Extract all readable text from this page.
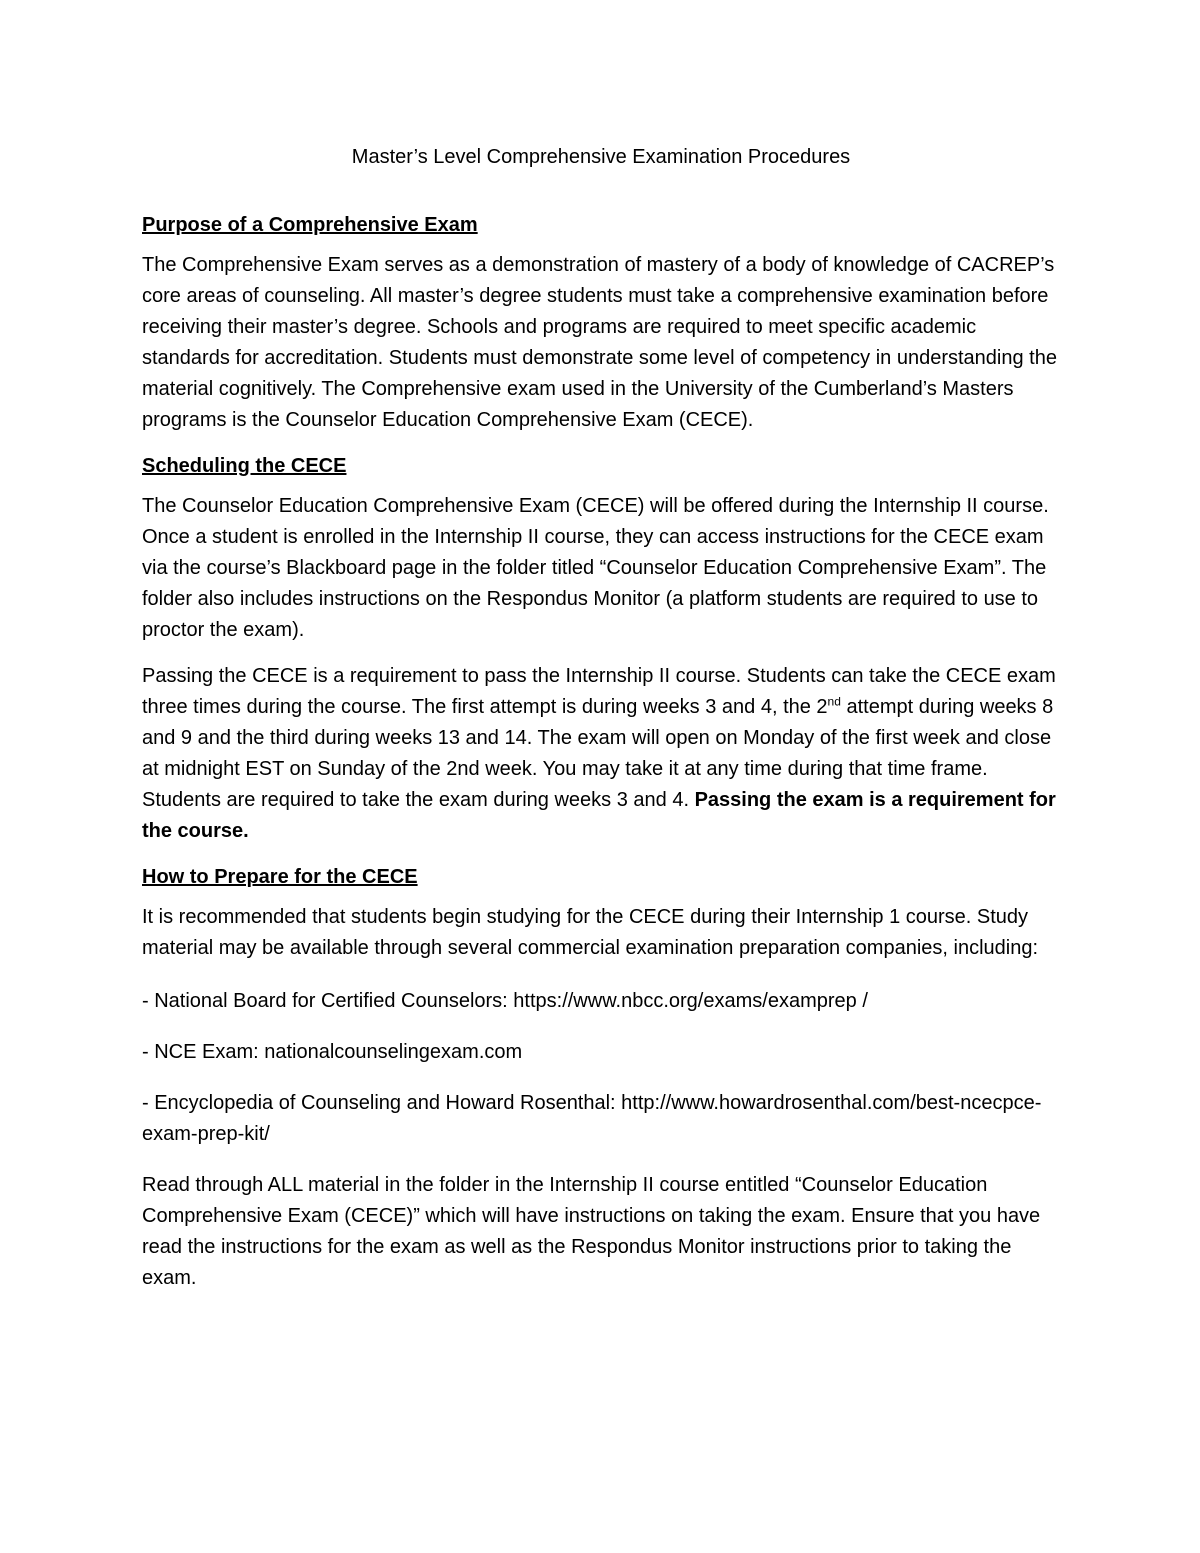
Master’s Level Comprehensive Examination Procedures
Purpose of a Comprehensive Exam

The Comprehensive Exam serves as a demonstration of mastery of a body of knowledge of CACREP’s core areas of counseling. All master’s degree students must take a comprehensive examination before receiving their master’s degree. Schools and programs are required to meet specific academic standards for accreditation. Students must demonstrate some level of competency in understanding the material cognitively. The Comprehensive exam used in the University of the Cumberland’s Masters programs is the Counselor Education Comprehensive Exam (CECE).

Scheduling the CECE

The Counselor Education Comprehensive Exam (CECE) will be offered during the Internship II course. Once a student is enrolled in the Internship II course, they can access instructions for the CECE exam via the course’s Blackboard page in the folder titled “Counselor Education Comprehensive Exam”. The folder also includes instructions on the Respondus Monitor (a platform students are required to use to proctor the exam).

Passing the CECE is a requirement to pass the Internship II course. Students can take the CECE exam three times during the course. The first attempt is during weeks 3 and 4, the 2nd attempt during weeks 8 and 9 and the third during weeks 13 and 14. The exam will open on Monday of the first week and close at midnight EST on Sunday of the 2nd week. You may take it at any time during that time frame. Students are required to take the exam during weeks 3 and 4. Passing the exam is a requirement for the course.

How to Prepare for the CECE

It is recommended that students begin studying for the CECE during their Internship 1 course. Study material may be available through several commercial examination preparation companies, including:

- National Board for Certified Counselors: https://www.nbcc.org/exams/examprep /
- NCE Exam: nationalcounselingexam.com
- Encyclopedia of Counseling and Howard Rosenthal: http://www.howardrosenthal.com/best-ncecpce-exam-prep-kit/

Read through ALL material in the folder in the Internship II course entitled “Counselor Education Comprehensive Exam (CECE)” which will have instructions on taking the exam. Ensure that you have read the instructions for the exam as well as the Respondus Monitor instructions prior to taking the exam.
